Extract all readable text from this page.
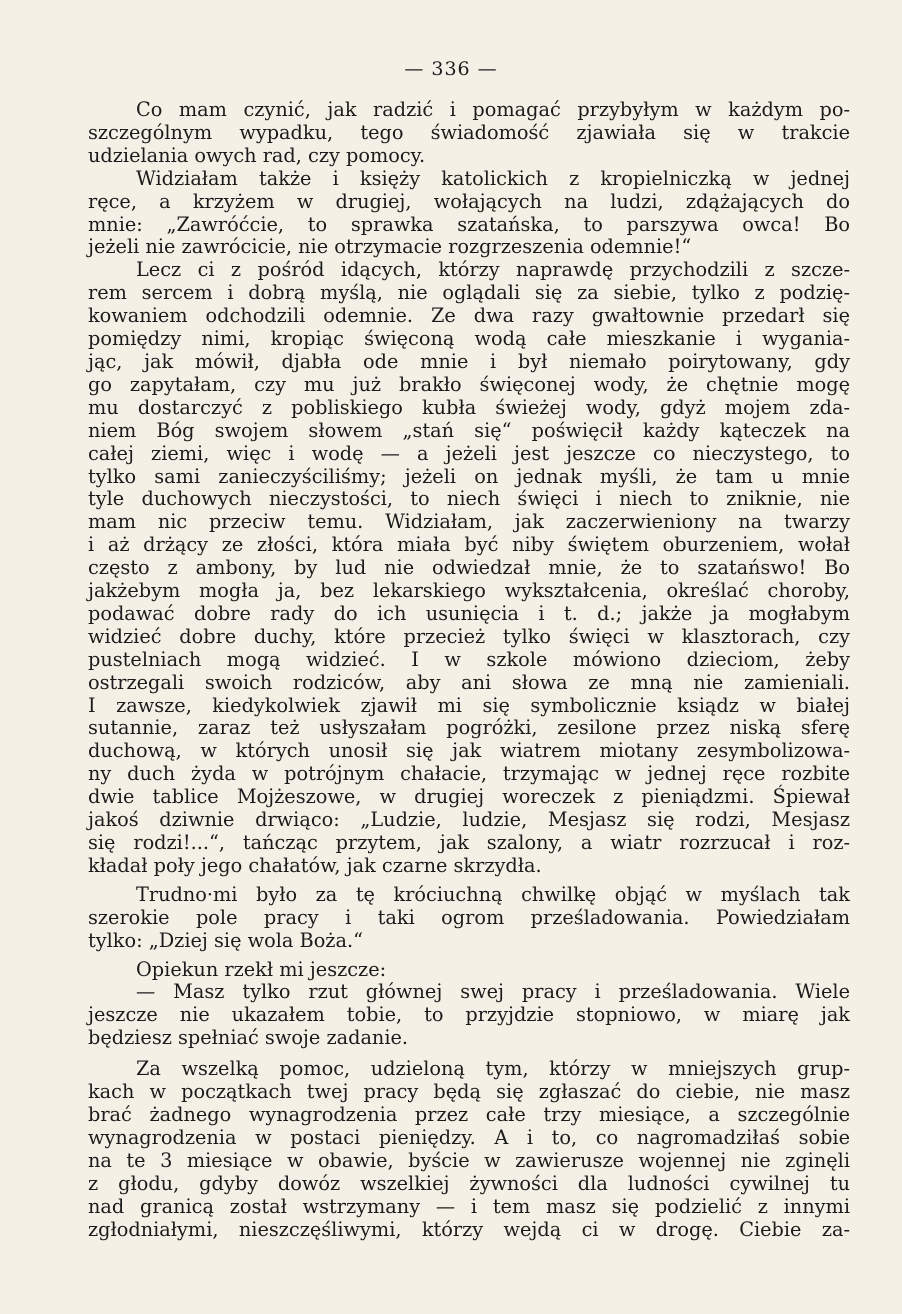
— 336 —

Co mam czynić, jak radzić i pomagać przybyłym w każdym po-

szczególnym wypadku, tego świadomość zjawiała się w trakcie

udzielania owych rad, czy pomocy.

Widziałam także i księży katolickich z kropielniczką w jednej

ręce, a krzyżem w drugiej, wołających na ludzi, zdążających do

mnie: „Zawróćcie, to sprawka szatańska, to parszywa owca! Bo

jeżeli nie zawrócicie, nie otrzymacie rozgrzeszenia odemnie!“

Lecz ci z pośród idących, którzy naprawdę przychodzili z szcze-

rem sercem i dobrą myślą, nie oglądali się za siebie, tylko z podzię-

kowaniem odchodzili odemnie. Ze dwa razy gwałtownie przedarł się

pomiędzy nimi, kropiąc święconą wodą całe mieszkanie i wygania-

jąc, jak mówił, djabła ode mnie i był niemało poirytowany, gdy

go zapytałam, czy mu już brakło święconej wody, że chętnie mogę

mu dostarczyć z pobliskiego kubła świeżej wody, gdyż mojem zda-

niem Bóg swojem słowem „stań się“ poświęcił każdy kąteczek na

całej ziemi, więc i wodę — a jeżeli jest jeszcze co nieczystego, to

tylko sami zanieczyściliśmy; jeżeli on jednak myśli, że tam u mnie

tyle duchowych nieczystości, to niech święci i niech to zniknie, nie

mam nic przeciw temu. Widziałam, jak zaczerwieniony na twarzy

i aż drżący ze złości, która miała być niby świętem oburzeniem, wołał

często z ambony, by lud nie odwiedzał mnie, że to szatańswo! Bo

jakżebym mogła ja, bez lekarskiego wykształcenia, określać choroby,

podawać dobre rady do ich usunięcia i t. d.; jakże ja mogłabym

widzieć dobre duchy, które przecież tylko święci w klasztorach, czy

pustelniach mogą widzieć. I w szkole mówiono dzieciom, żeby

ostrzegali swoich rodziców, aby ani słowa ze mną nie zamieniali.

I zawsze, kiedykolwiek zjawił mi się symbolicznie ksiądz w białej

sutannie, zaraz też usłyszałam pogróżki, zesilone przez niską sferę

duchową, w których unosił się jak wiatrem miotany zesymbolizowa-

ny duch żyda w potrójnym chałacie, trzymając w jednej ręce rozbite

dwie tablice Mojżeszowe, w drugiej woreczek z pieniądzmi. Śpiewał

jakoś dziwnie drwiąco: „Ludzie, ludzie, Mesjasz się rodzi, Mesjasz

się rodzi!...“, tańcząc przytem, jak szalony, a wiatr rozrzucał i roz-

kładał poły jego chałatów, jak czarne skrzydła.

Trudno·mi było za tę króciuchną chwilkę objąć w myślach tak

szerokie pole pracy i taki ogrom prześladowania. Powiedziałam

tylko: „Dziej się wola Boża.“

Opiekun rzekł mi jeszcze:

— Masz tylko rzut głównej swej pracy i prześladowania. Wiele

jeszcze nie ukazałem tobie, to przyjdzie stopniowo, w miarę jak

będziesz spełniać swoje zadanie.

Za wszelką pomoc, udzieloną tym, którzy w mniejszych grup-

kach w początkach twej pracy będą się zgłaszać do ciebie, nie masz

brać żadnego wynagrodzenia przez całe trzy miesiące, a szczególnie

wynagrodzenia w postaci pieniędzy. A i to, co nagromadziłaś sobie

na te 3 miesiące w obawie, byście w zawierusze wojennej nie zginęli

z głodu, gdyby dowóz wszelkiej żywności dla ludności cywilnej tu

nad granicą został wstrzymany — i tem masz się podzielić z innymi

zgłodniałymi, nieszczęśliwymi, którzy wejdą ci w drogę. Ciebie za-
